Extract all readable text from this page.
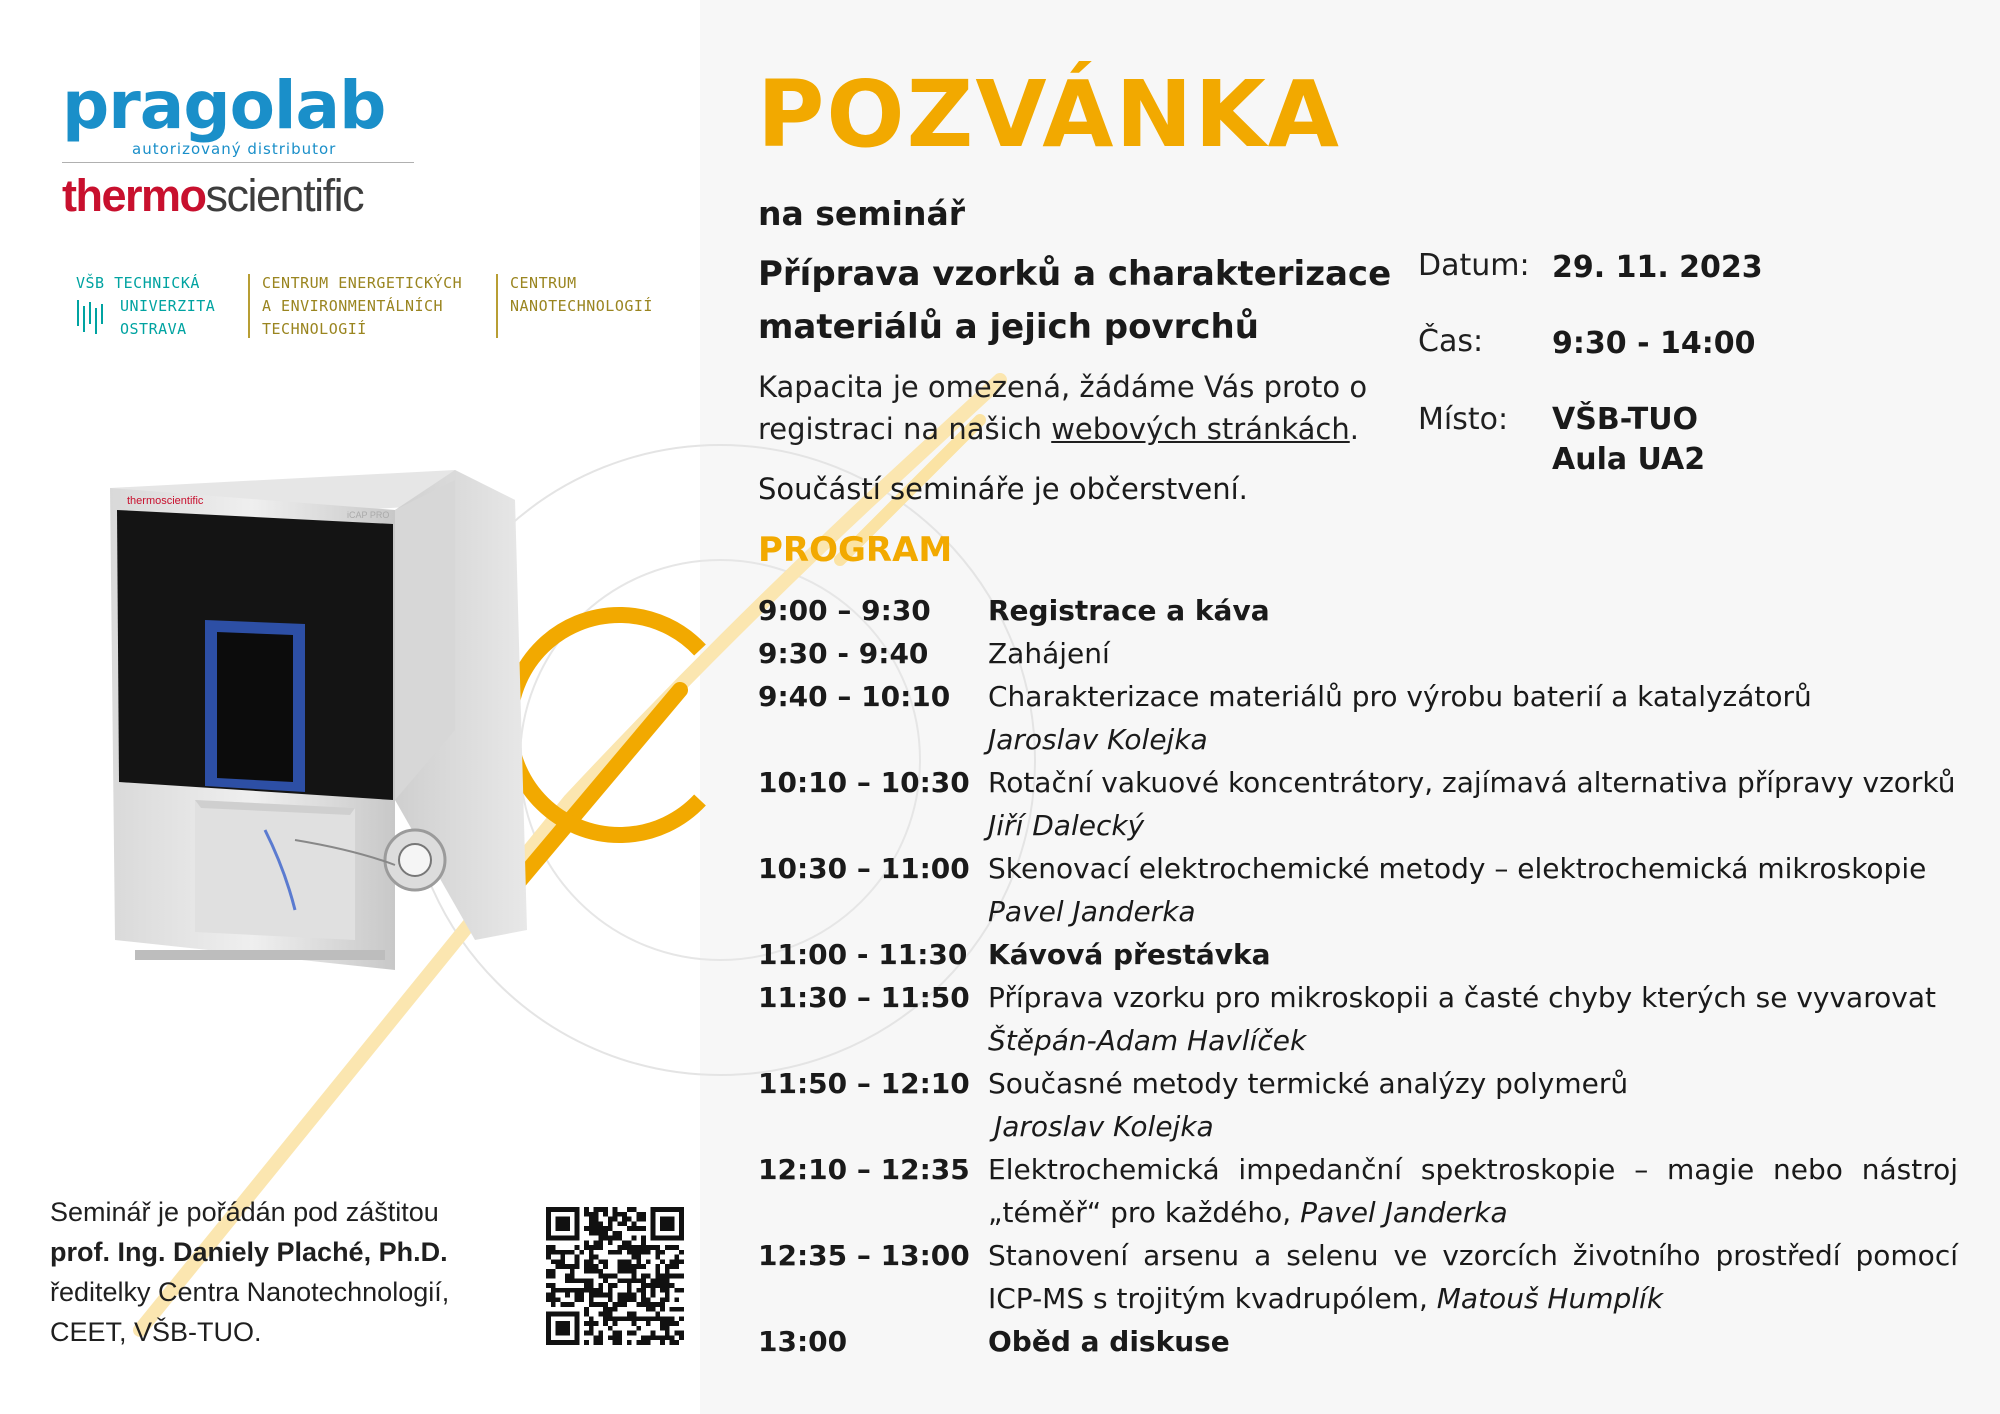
pragolab
autorizovaný distributor
thermoscientific
VŠB TECHNICKÁ
UNIVERZITA
OSTRAVA
CENTRUM ENERGETICKÝCH
A ENVIRONMENTÁLNÍCH
TECHNOLOGIÍ
CENTRUM
NANOTECHNOLOGIÍ
thermoscientific
iCAP PRO
POZVÁNKA
na seminář
Příprava vzorků a charakterizace
materiálů a jejich povrchů
Kapacita je omezená, žádáme Vás proto o
registraci na našich webových stránkách.
Součástí semináře je občerstvení.
Datum: 29. 11. 2023
Čas: 9:30 - 14:00
Místo: VŠB-TUO
Aula UA2
PROGRAM
9:00 – 9:30	Registrace a káva
9:30 - 9:40	Zahájení
9:40 – 10:10	Charakterizace materiálů pro výrobu baterií a katalyzátorů
Jaroslav Kolejka
10:10 – 10:30 Rotační vakuové koncentrátory, zajímavá alternativa přípravy vzorků
Jiří Dalecký
10:30 – 11:00 Skenovací elektrochemické metody – elektrochemická mikroskopie
Pavel Janderka
11:00 - 11:30 Kávová přestávka
11:30 – 11:50 Příprava vzorku pro mikroskopii a časté chyby kterých se vyvarovat
Štěpán-Adam Havlíček
11:50 – 12:10 Současné metody termické analýzy polymerů
Jaroslav Kolejka
12:10 – 12:35 Elektrochemická impedanční spektroskopie – magie nebo nástroj
„téměř“ pro každého, Pavel Janderka
12:35 – 13:00 Stanovení arsenu a selenu ve vzorcích životního prostředí pomocí
ICP-MS s trojitým kvadrupólem, Matouš Humplík
13:00	Oběd a diskuse
Seminář je pořádán pod záštitou
prof. Ing. Daniely Plaché, Ph.D.
ředitelky Centra Nanotechnologií,
CEET, VŠB-TUO.
